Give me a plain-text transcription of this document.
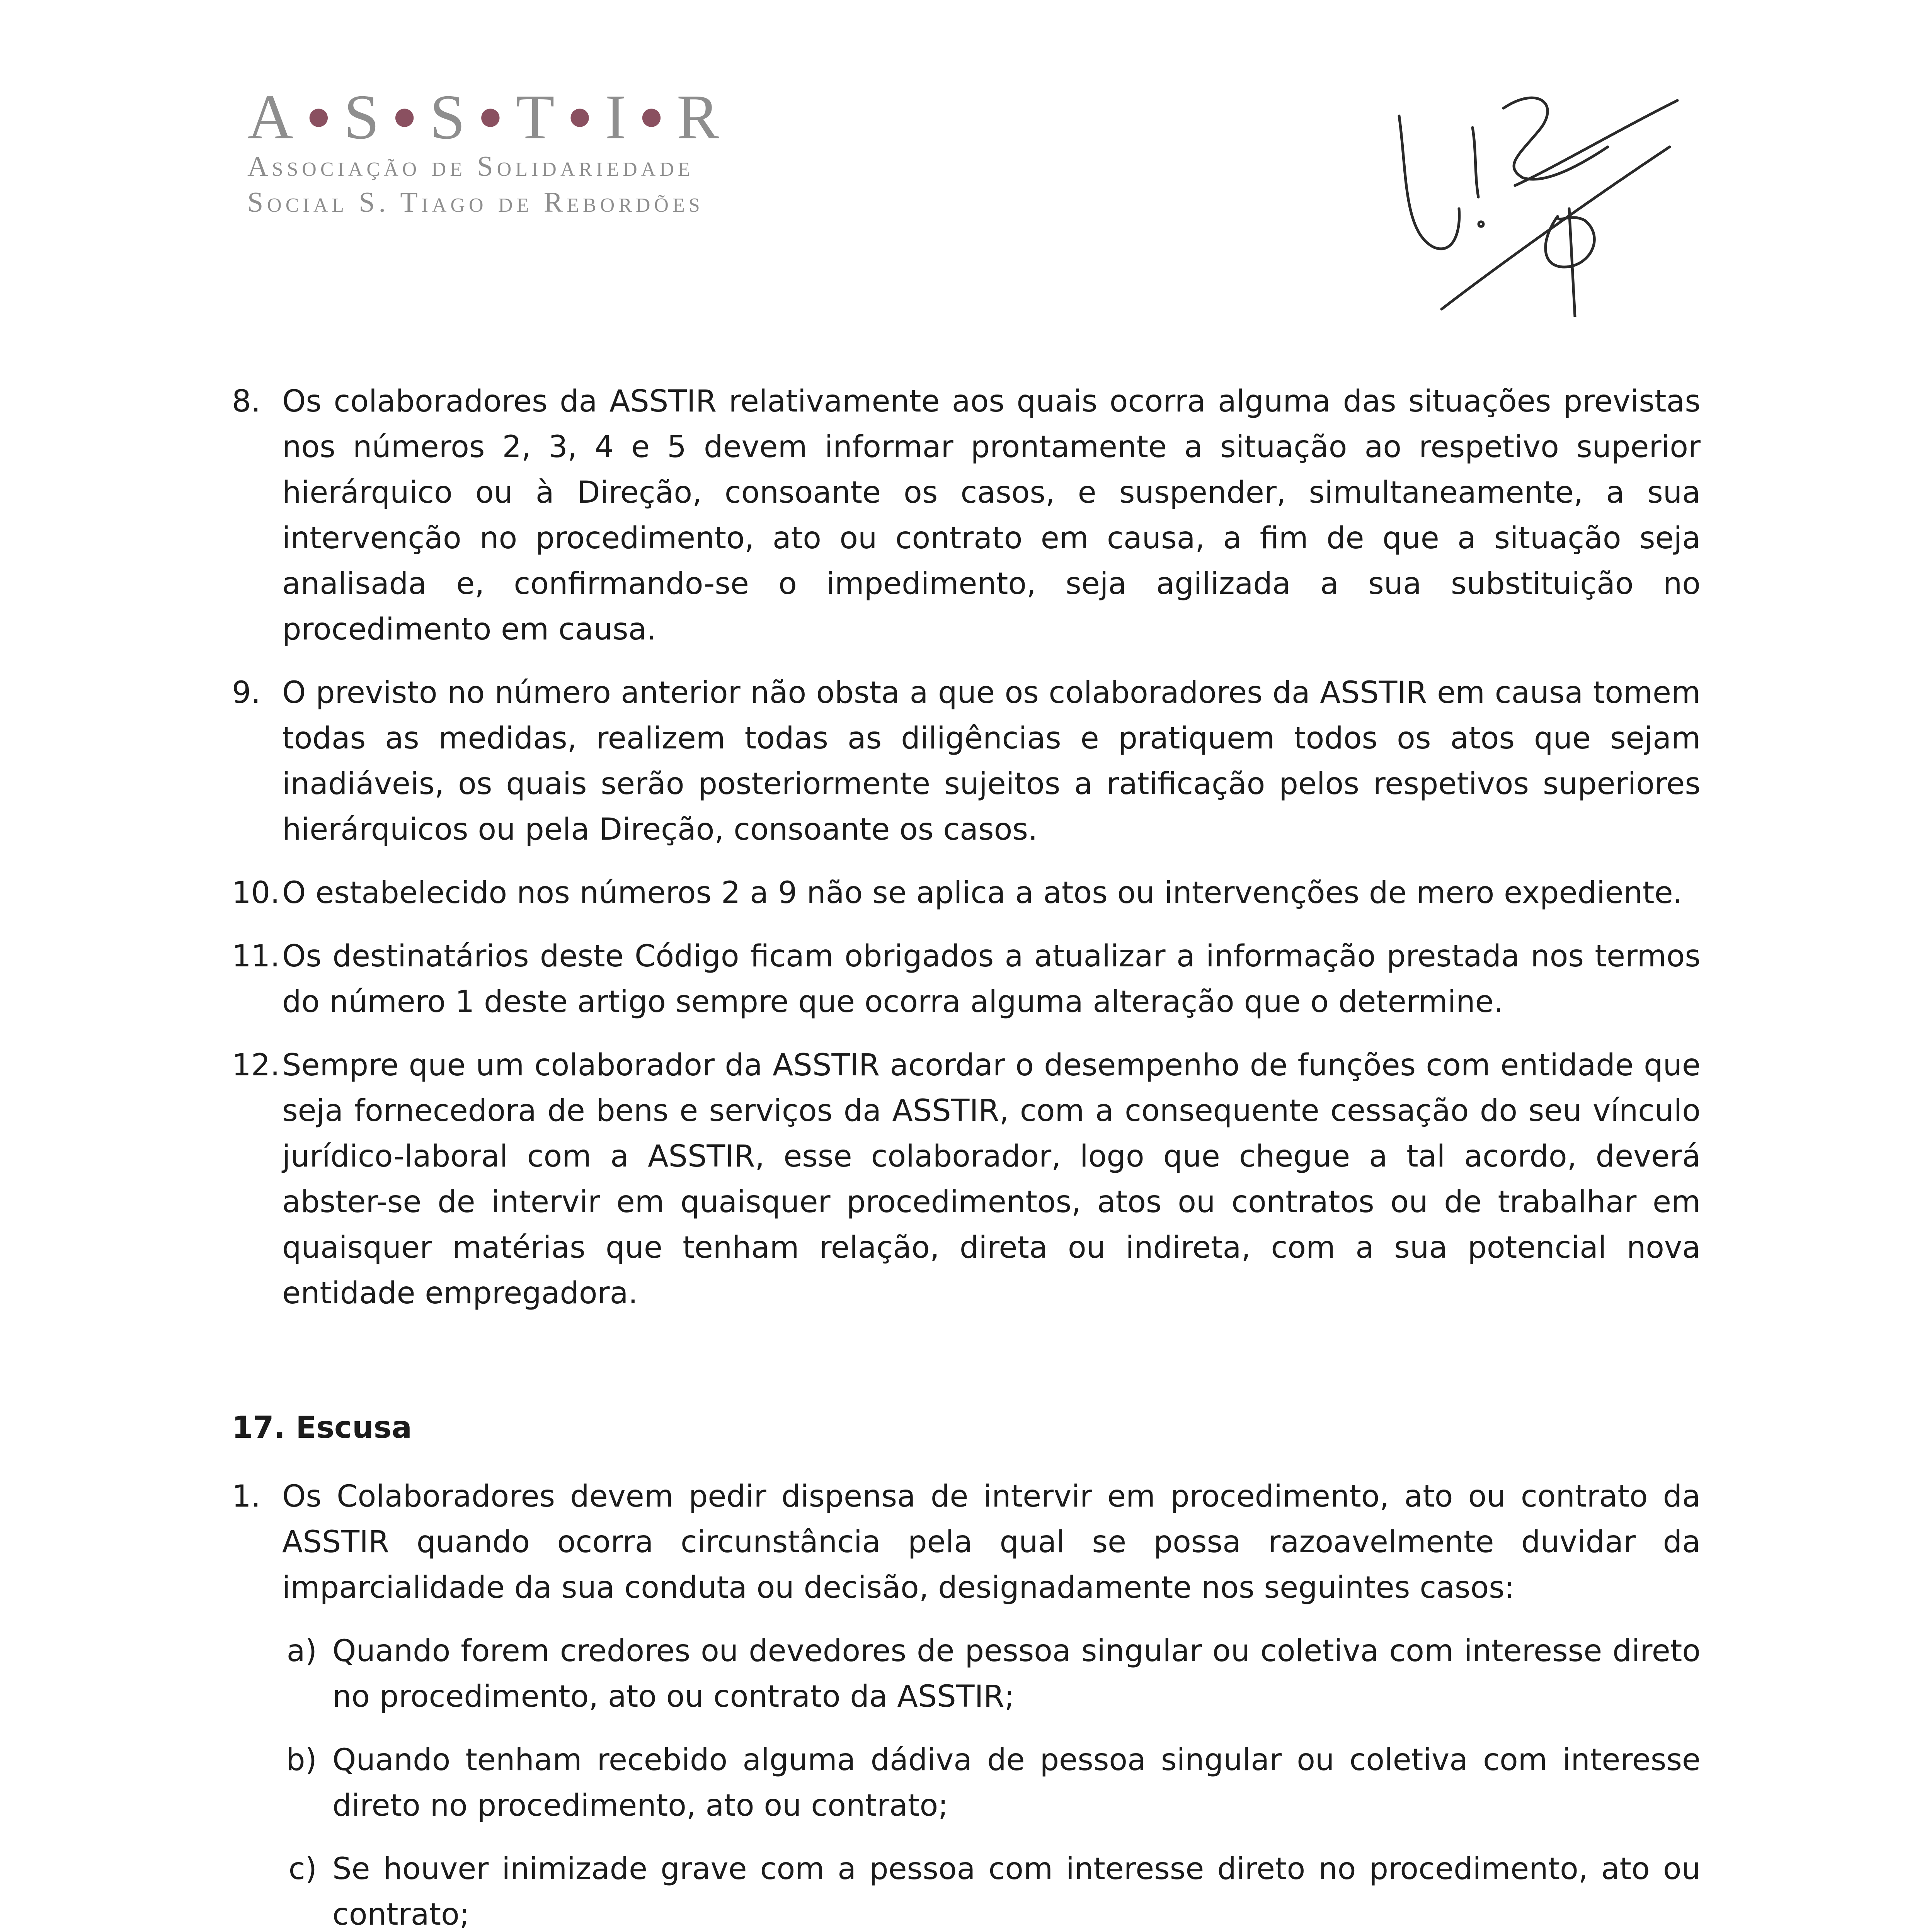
A ● S ● S ● T ● I ● R
Associação de Solidariedade
Social S. Tiago de Rebordões
8. Os colaboradores da ASSTIR relativamente aos quais ocorra alguma das situações previstas nos números 2, 3, 4 e 5 devem informar prontamente a situação ao respetivo superior hierárquico ou à Direção, consoante os casos, e suspender, simultaneamente, a sua intervenção no procedimento, ato ou contrato em causa, a fim de que a situação seja analisada e, confirmando-se o impedimento, seja agilizada a sua substituição no procedimento em causa.
9. O previsto no número anterior não obsta a que os colaboradores da ASSTIR em causa tomem todas as medidas, realizem todas as diligências e pratiquem todos os atos que sejam inadiáveis, os quais serão posteriormente sujeitos a ratificação pelos respetivos superiores hierárquicos ou pela Direção, consoante os casos.
10. O estabelecido nos números 2 a 9 não se aplica a atos ou intervenções de mero expediente.
11. Os destinatários deste Código ficam obrigados a atualizar a informação prestada nos termos do número 1 deste artigo sempre que ocorra alguma alteração que o determine.
12. Sempre que um colaborador da ASSTIR acordar o desempenho de funções com entidade que seja fornecedora de bens e serviços da ASSTIR, com a consequente cessação do seu vínculo jurídico-laboral com a ASSTIR, esse colaborador, logo que chegue a tal acordo, deverá abster-se de intervir em quaisquer procedimentos, atos ou contratos ou de trabalhar em quaisquer matérias que tenham relação, direta ou indireta, com a sua potencial nova entidade empregadora.
17. Escusa
1. Os Colaboradores devem pedir dispensa de intervir em procedimento, ato ou contrato da ASSTIR quando ocorra circunstância pela qual se possa razoavelmente duvidar da imparcialidade da sua conduta ou decisão, designadamente nos seguintes casos:
a) Quando forem credores ou devedores de pessoa singular ou coletiva com interesse direto no procedimento, ato ou contrato da ASSTIR;
b) Quando tenham recebido alguma dádiva de pessoa singular ou coletiva com interesse direto no procedimento, ato ou contrato;
c) Se houver inimizade grave com a pessoa com interesse direto no procedimento, ato ou contrato;
